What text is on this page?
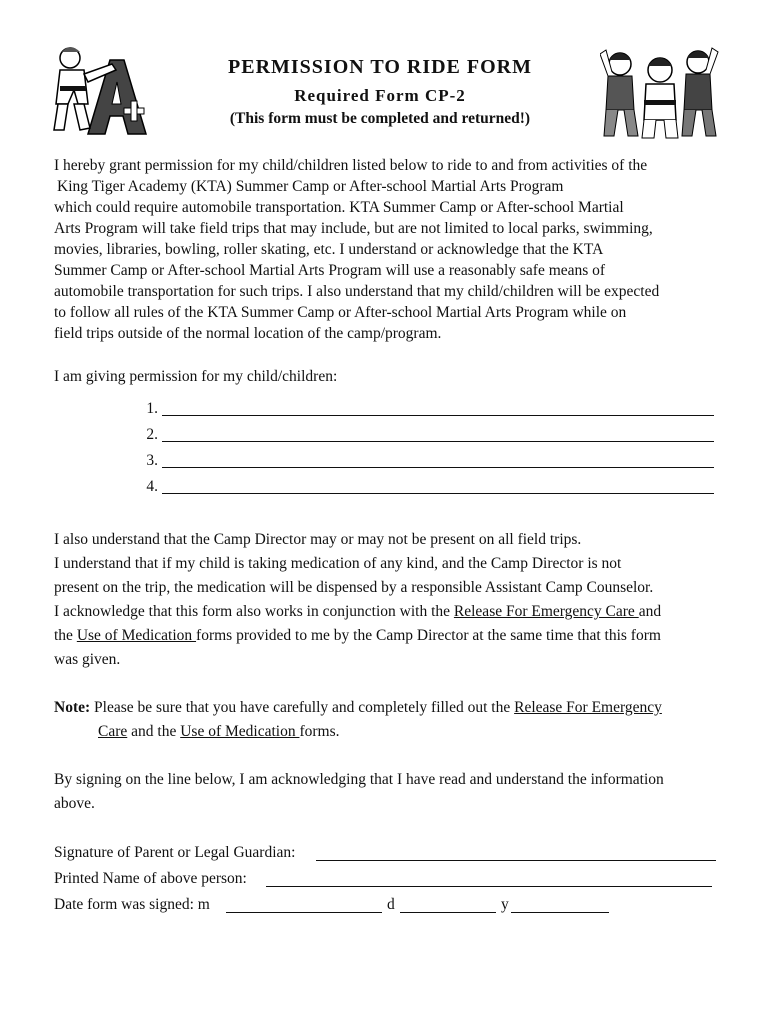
PERMISSION TO RIDE FORM
Required Form CP-2
(This form must be completed and returned!)
I hereby grant permission for my child/children listed below to ride to and from activities of the
King Tiger Academy (KTA) Summer Camp or After-school Martial Arts Program
which could require automobile transportation. KTA Summer Camp or After-school Martial
Arts Program will take field trips that may include, but are not limited to local parks, swimming,
movies, libraries, bowling, roller skating, etc. I understand or acknowledge that the KTA
Summer Camp or After-school Martial Arts Program will use a reasonably safe means of
automobile transportation for such trips. I also understand that my child/children will be expected
to follow all rules of the KTA Summer Camp or After-school Martial Arts Program while on
field trips outside of the normal location of the camp/program.
I am giving permission for my child/children:
1.
2.
3.
4.
I also understand that the Camp Director may or may not be present on all field trips.
I understand that if my child is taking medication of any kind, and the Camp Director is not
present on the trip, the medication will be dispensed by a responsible Assistant Camp Counselor.
I acknowledge that this form also works in conjunction with the Release For Emergency Care and
the Use of Medication forms provided to me by the Camp Director at the same time that this form
was given.
Note: Please be sure that you have carefully and completely filled out the Release For Emergency
Care and the Use of Medication forms.
By signing on the line below, I am acknowledging that I have read and understand the information
above.
Signature of Parent or Legal Guardian:
Printed Name of above person:
Date form was signed: m	d	y
